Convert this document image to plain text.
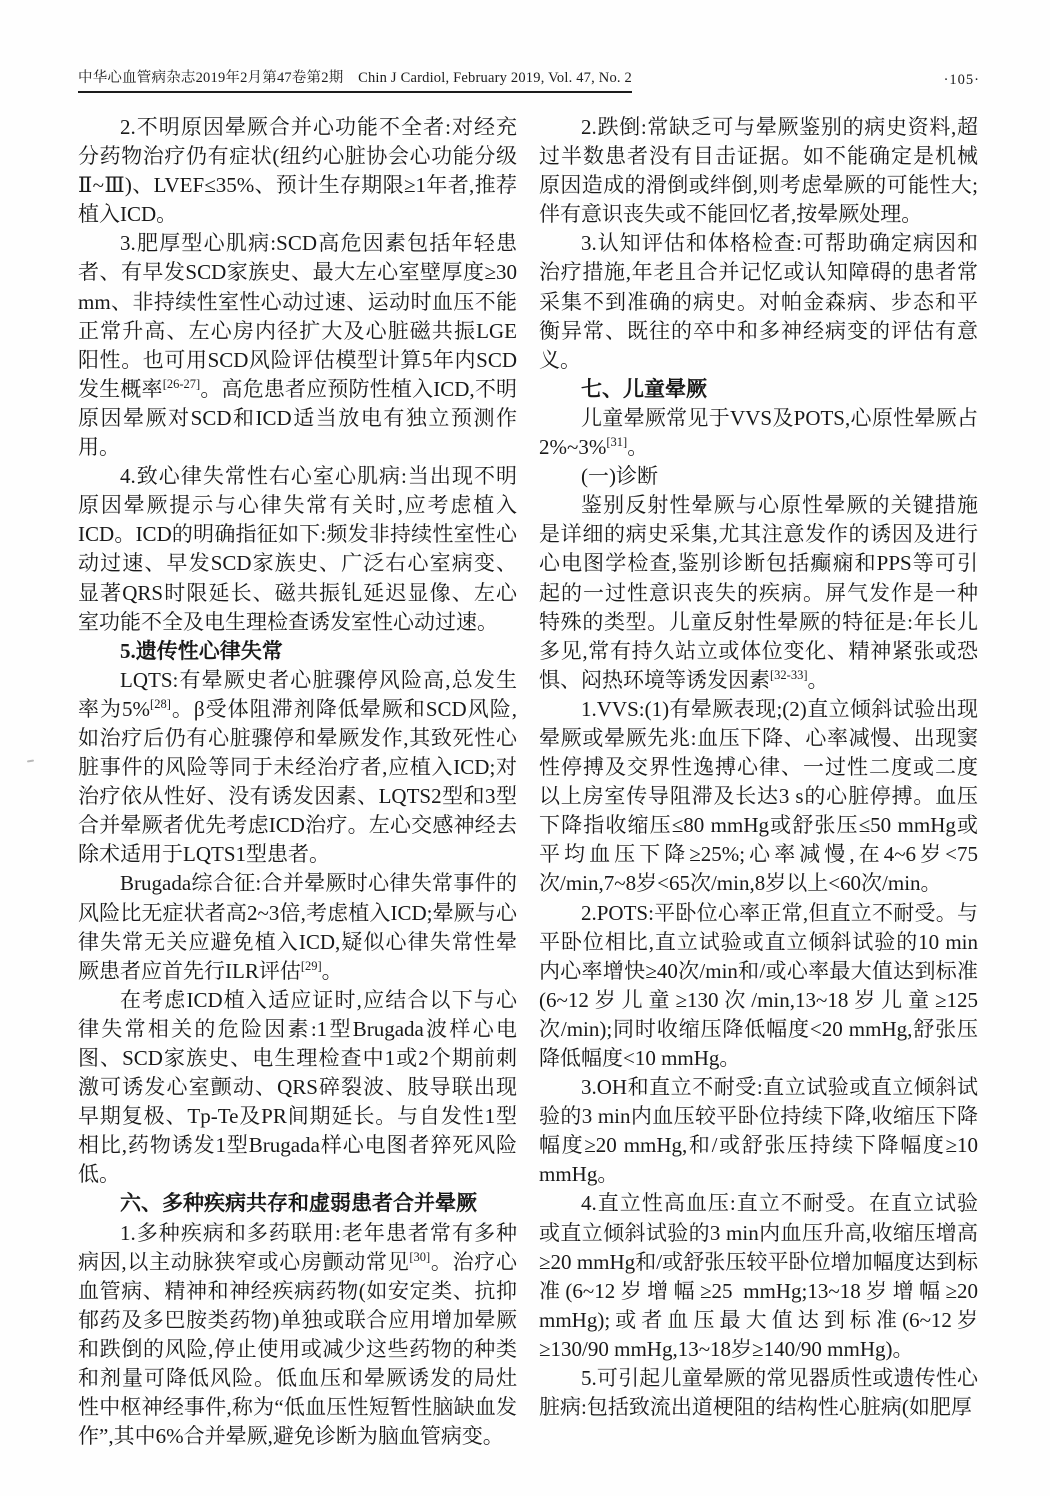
中华心血管病杂志2019年2月第47卷第2期　Chin J Cardiol, February 2019, Vol. 47, No. 2	·105·

2.不明原因晕厥合并心功能不全者:对经充分药物治疗仍有症状(纽约心脏协会心功能分级Ⅱ~Ⅲ)、LVEF≤35%、预计生存期限≥1年者,推荐植入ICD。

3.肥厚型心肌病:SCD高危因素包括年轻患者、有早发SCD家族史、最大左心室壁厚度≥30 mm、非持续性室性心动过速、运动时血压不能正常升高、左心房内径扩大及心脏磁共振LGE阳性。也可用SCD风险评估模型计算5年内SCD发生概率[26-27]。高危患者应预防性植入ICD,不明原因晕厥对SCD和ICD适当放电有独立预测作用。

4.致心律失常性右心室心肌病:当出现不明原因晕厥提示与心律失常有关时,应考虑植入ICD。ICD的明确指征如下:频发非持续性室性心动过速、早发SCD家族史、广泛右心室病变、显著QRS时限延长、磁共振钆延迟显像、左心室功能不全及电生理检查诱发室性心动过速。

5.遗传性心律失常

LQTS:有晕厥史者心脏骤停风险高,总发生率为5%[28]。β受体阻滞剂降低晕厥和SCD风险,如治疗后仍有心脏骤停和晕厥发作,其致死性心脏事件的风险等同于未经治疗者,应植入ICD;对治疗依从性好、没有诱发因素、LQTS2型和3型合并晕厥者优先考虑ICD治疗。左心交感神经去除术适用于LQTS1型患者。

Brugada综合征:合并晕厥时心律失常事件的风险比无症状者高2~3倍,考虑植入ICD;晕厥与心律失常无关应避免植入ICD,疑似心律失常性晕厥患者应首先行ILR评估[29]。

在考虑ICD植入适应证时,应结合以下与心律失常相关的危险因素:1型Brugada波样心电图、SCD家族史、电生理检查中1或2个期前刺激可诱发心室颤动、QRS碎裂波、肢导联出现早期复极、Tp-Te及PR间期延长。与自发性1型相比,药物诱发1型Brugada样心电图者猝死风险低。

六、多种疾病共存和虚弱患者合并晕厥

1.多种疾病和多药联用:老年患者常有多种病因,以主动脉狭窄或心房颤动常见[30]。治疗心血管病、精神和神经疾病药物(如安定类、抗抑郁药及多巴胺类药物)单独或联合应用增加晕厥和跌倒的风险,停止使用或减少这些药物的种类和剂量可降低风险。低血压和晕厥诱发的局灶性中枢神经事件,称为“低血压性短暂性脑缺血发作”,其中6%合并晕厥,避免诊断为脑血管病变。

2.跌倒:常缺乏可与晕厥鉴别的病史资料,超过半数患者没有目击证据。如不能确定是机械原因造成的滑倒或绊倒,则考虑晕厥的可能性大;伴有意识丧失或不能回忆者,按晕厥处理。

3.认知评估和体格检查:可帮助确定病因和治疗措施,年老且合并记忆或认知障碍的患者常采集不到准确的病史。对帕金森病、步态和平衡异常、既往的卒中和多神经病变的评估有意义。

七、儿童晕厥

儿童晕厥常见于VVS及POTS,心原性晕厥占2%~3%[31]。

(一)诊断

鉴别反射性晕厥与心原性晕厥的关键措施是详细的病史采集,尤其注意发作的诱因及进行心电图学检查,鉴别诊断包括癫痫和PPS等可引起的一过性意识丧失的疾病。屏气发作是一种特殊的类型。儿童反射性晕厥的特征是:年长儿多见,常有持久站立或体位变化、精神紧张或恐惧、闷热环境等诱发因素[32-33]。

1.VVS:(1)有晕厥表现;(2)直立倾斜试验出现晕厥或晕厥先兆:血压下降、心率减慢、出现窦性停搏及交界性逸搏心律、一过性二度或二度以上房室传导阻滞及长达3 s的心脏停搏。血压下降指收缩压≤80 mmHg或舒张压≤50 mmHg或平均血压下降≥25%;心率减慢,在4~6岁<75次/min,7~8岁<65次/min,8岁以上<60次/min。

2.POTS:平卧位心率正常,但直立不耐受。与平卧位相比,直立试验或直立倾斜试验的10 min内心率增快≥40次/min和/或心率最大值达到标准(6~12岁儿童≥130次/min,13~18岁儿童≥125次/min);同时收缩压降低幅度<20 mmHg,舒张压降低幅度<10 mmHg。

3.OH和直立不耐受:直立试验或直立倾斜试验的3 min内血压较平卧位持续下降,收缩压下降幅度≥20 mmHg,和/或舒张压持续下降幅度≥10 mmHg。

4.直立性高血压:直立不耐受。在直立试验或直立倾斜试验的3 min内血压升高,收缩压增高≥20 mmHg和/或舒张压较平卧位增加幅度达到标准(6~12岁增幅≥25 mmHg;13~18岁增幅≥20 mmHg);或者血压最大值达到标准(6~12岁≥130/90 mmHg,13~18岁≥140/90 mmHg)。

5.可引起儿童晕厥的常见器质性或遗传性心脏病:包括致流出道梗阻的结构性心脏病(如肥厚
